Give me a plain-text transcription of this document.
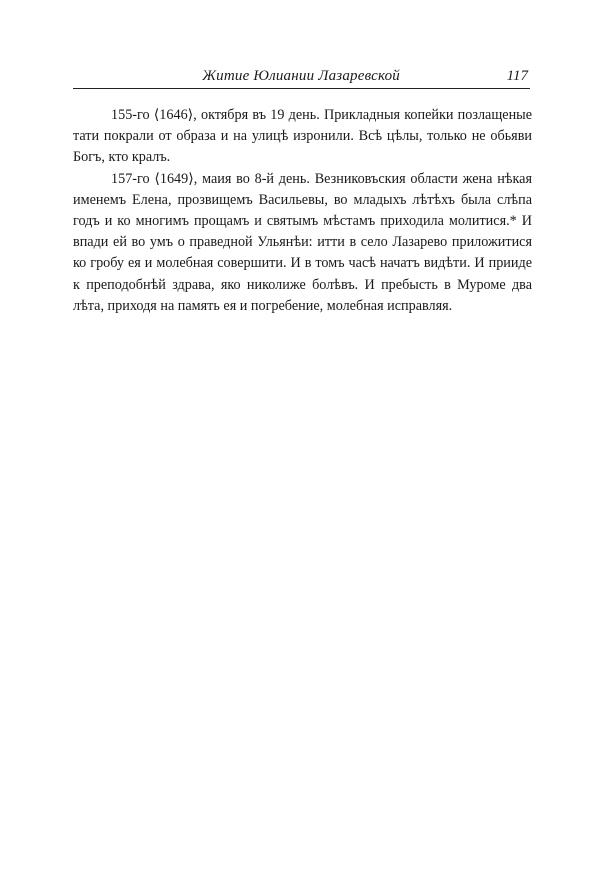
Житие Юлиании Лазаревской	117

155-го ⟨1646⟩, октября въ 19 день. Прикладныя копейки позлащеные тати покрали от образа и на улицѣ изронили. Всѣ цѣлы, только не обьяви Богъ, кто кралъ.

157-го ⟨1649⟩, маия во 8-й день. Везниковъския области жена нѣкая именемъ Елена, прозвищемъ Васильевы, во младыхъ лѣтѣхъ была слѣпа годъ и ко многимъ прощамъ и святымъ мѣстамъ приходила молитися.* И впади ей во умъ о праведной Ульянѣи: итти в село Лазарево приложитися ко гробу ея и молебная совершити. И в томъ часѣ начатъ видѣти. И прииде к преподобнѣй здрава, яко николиже болѣвъ. И пребысть в Муроме два лѣта, приходя на память ея и погребение, молебная исправляя.
